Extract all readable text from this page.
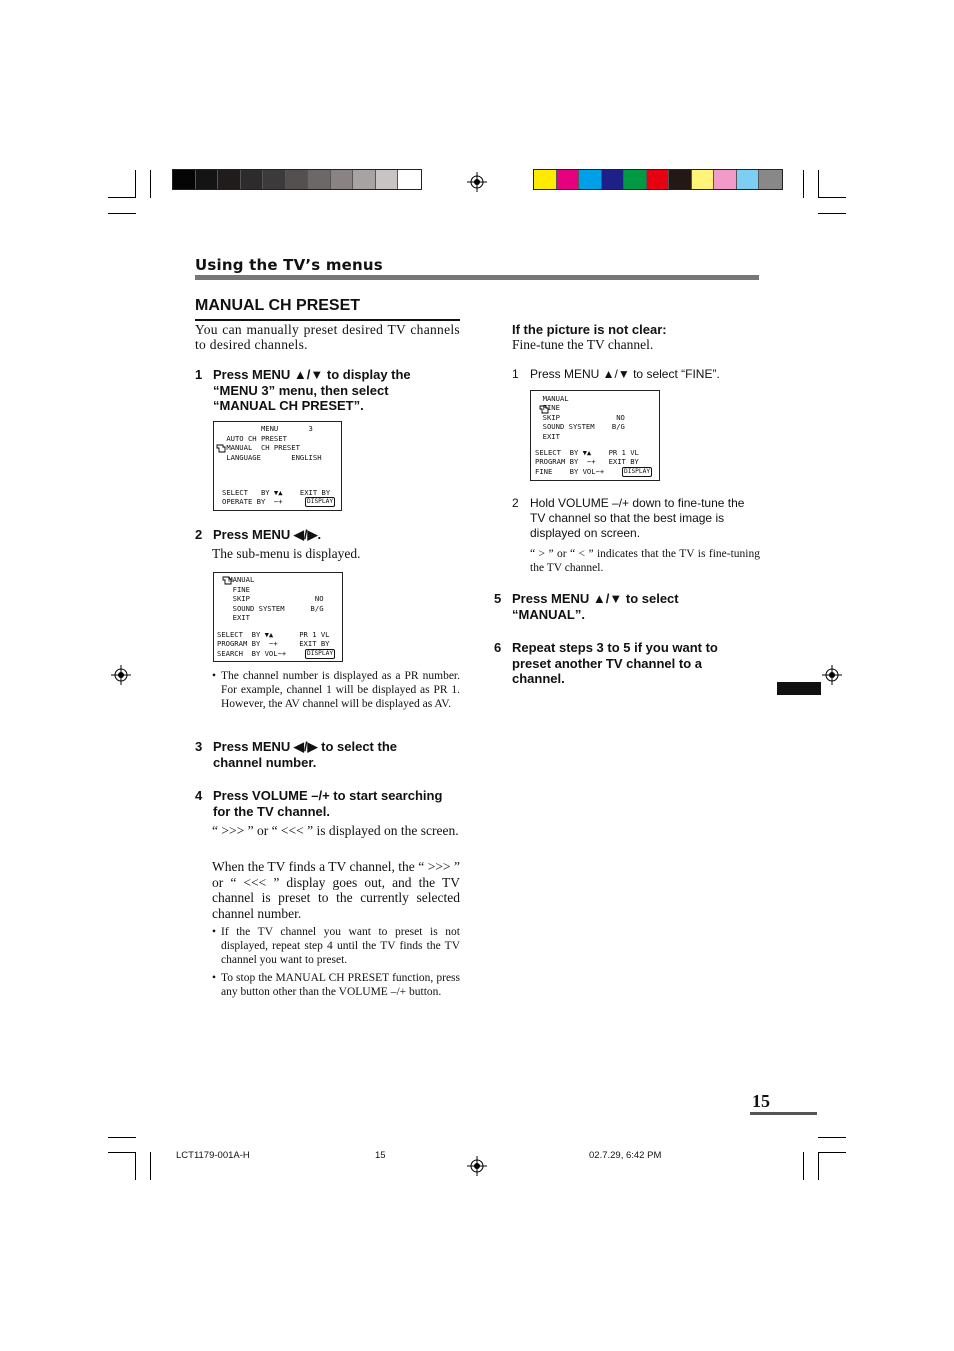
Using the TV’s menus
MANUAL CH PRESET
You can manually preset desired TV channels to desired channels.
1 Press MENU ▲/▼ to display the
“MENU 3” menu, then select
“MANUAL CH PRESET”.
MENU       3
AUTO CH PRESET
MANUAL  CH PRESET
LANGUAGE       ENGLISH
SELECT   BY ▼▲    EXIT BY
OPERATE BY  −+	DISPLAY
2 Press MENU ◀/▶.
The sub-menu is displayed.
MANUAL
FINE
SKIP               NO
SOUND SYSTEM      B/G
EXIT
SELECT  BY ▼▲      PR 1 VL
PROGRAM BY  −+     EXIT BY
SEARCH  BY VOL−+	DISPLAY
• The channel number is displayed as a PR number. For example, channel 1 will be displayed as PR 1. However, the AV channel will be displayed as AV.
3 Press MENU ◀/▶ to select the
channel number.
4 Press VOLUME –/+ to start searching
for the TV channel.
“ >>> ” or “ <<< ” is displayed on the screen.
When the TV finds a TV channel, the “ >>> ” or “ <<< ” display goes out, and the TV channel is preset to the currently selected channel number.
• If the TV channel you want to preset is not displayed, repeat step 4 until the TV finds the TV channel you want to preset.
• To stop the MANUAL CH PRESET function, press any button other than the VOLUME –/+ button.
If the picture is not clear:
Fine-tune the TV channel.
1 Press MENU ▲/▼ to select “FINE”.
MANUAL
FINE
SKIP             NO
SOUND SYSTEM    B/G
EXIT
SELECT  BY ▼▲    PR 1 VL
PROGRAM BY  −+   EXIT BY
FINE    BY VOL−+	DISPLAY
2 Hold VOLUME –/+ down to fine-tune the TV channel so that the best image is displayed on screen.
“ > ” or “ < ” indicates that the TV is fine-tuning the TV channel.
5 Press MENU ▲/▼ to select
“MANUAL”.
6 Repeat steps 3 to 5 if you want to
preset another TV channel to a
channel.
15
LCT1179-001A-H	15	02.7.29, 6:42 PM
